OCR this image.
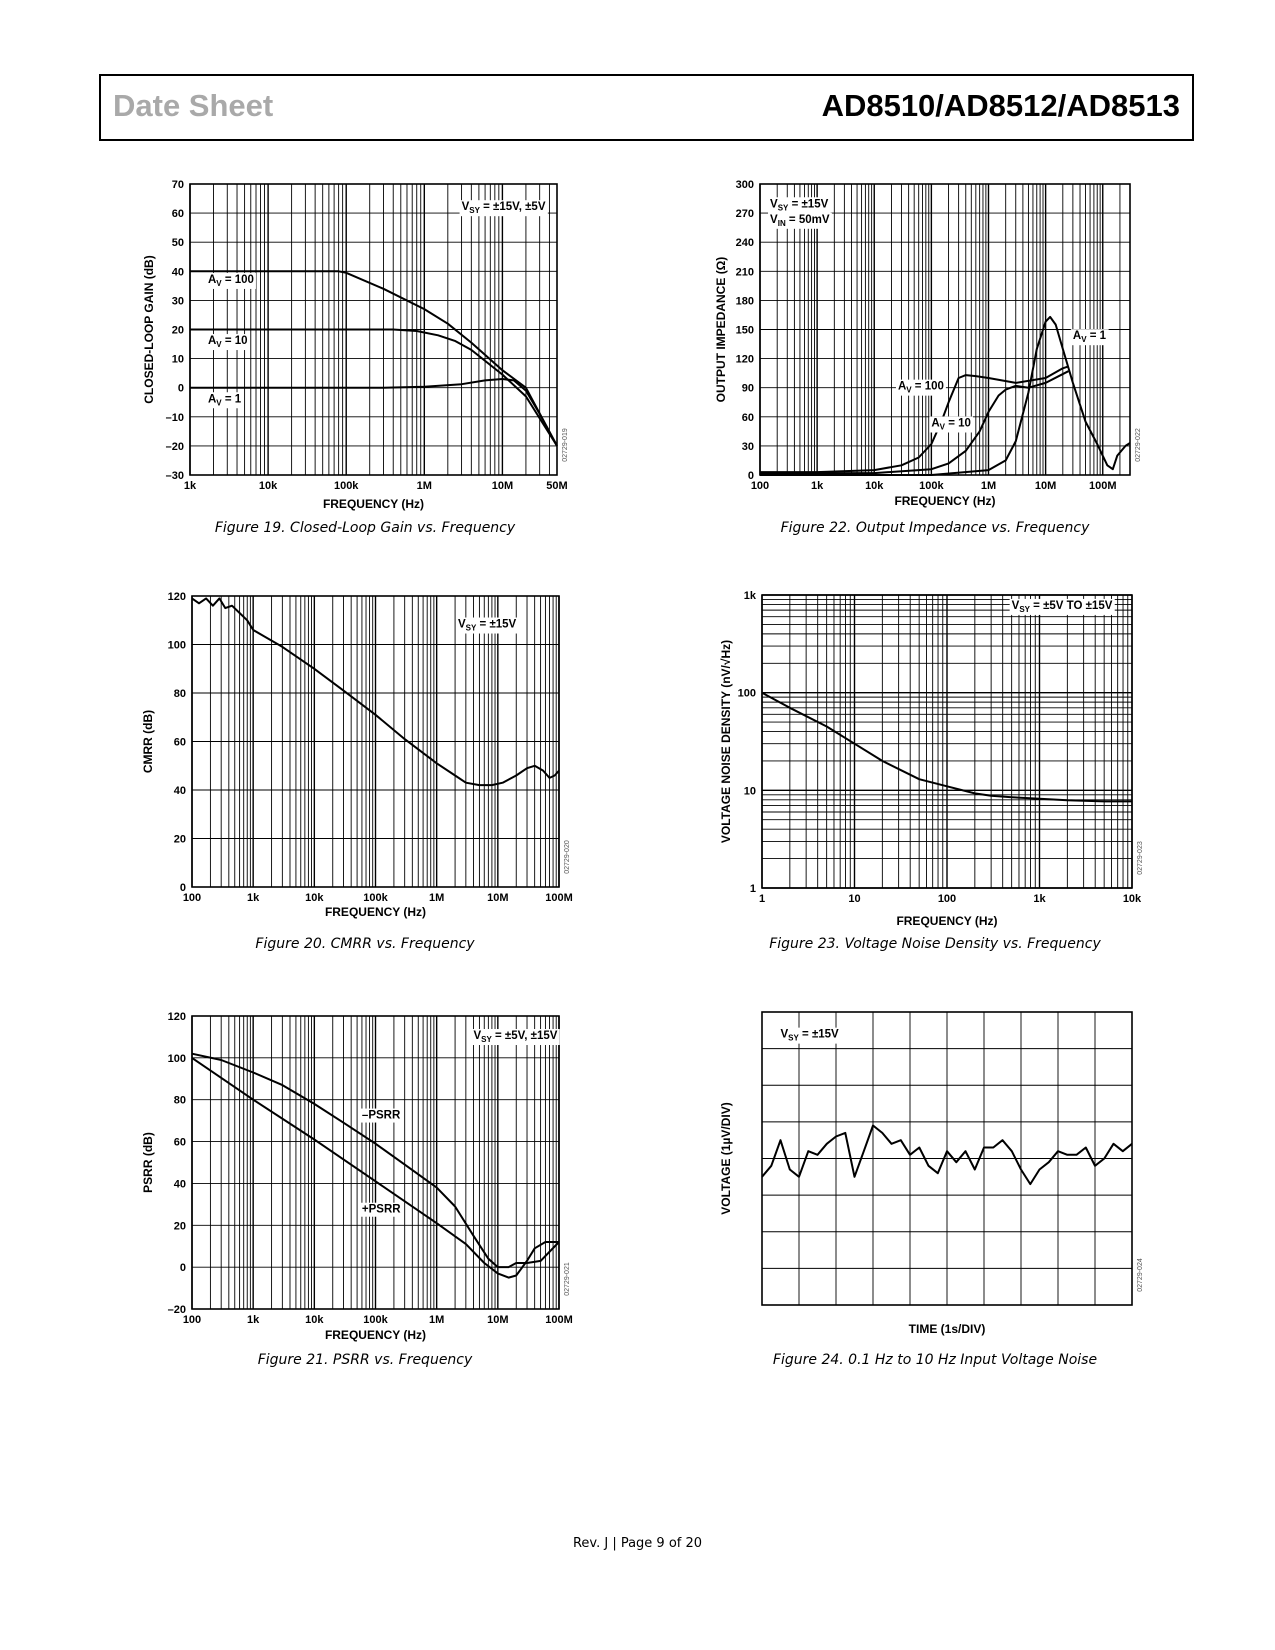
Date Sheet	AD8510/AD8512/AD8513
1k	10k	100k	1M	10M	50M
70
60
50
40
30
20
10
0
–10
–20
–30
FREQUENCY (Hz)
CLOSED-LOOP GAIN (dB)
02729-019
$V_{SY} = \pm 15V$, ±5V
$A_V = 100$
$A_V = 10$
$A_V = 1$
100	1k	10k	100k	1M	10M	100M
120
100
80
60
40
20
0
FREQUENCY (Hz)
CMRR (dB)
02729-020
$V_{SY} = \pm 15V$
100	1k	10k	100k	1M	10M	100M
120
100
80
60
40
20
0
–20
FREQUENCY (Hz)
PSRR (dB)
02729-021
–PSRR
+PSRR
$V_{SY} = \pm 5V$, ±15V
100	1k	10k	100k	1M	10M	100M
300
270
240
210
180
150
120
90
60
30
0
FREQUENCY (Hz)
OUTPUT IMPEDANCE (Ω)
02729-022
$V_{SY} = \pm 15V$
$V_{IN} = 50mV$
$A_V = 100$
$A_V = 10$
$A_V = 1$
1	10	100	1k	10k
1k
100
10
1
FREQUENCY (Hz)
VOLTAGE NOISE DENSITY (nV/√Hz)
02729-023
$V_{SY} = \pm 5V$ TO ±15V
TIME (1s/DIV)
VOLTAGE (1µV/DIV)
02729-024
$V_{SY} = \pm 15V$
Figure 19. Closed-Loop Gain vs. Frequency
Figure 20. CMRR vs. Frequency
Figure 21. PSRR vs. Frequency
Figure 22. Output Impedance vs. Frequency
Figure 23. Voltage Noise Density vs. Frequency
Figure 24. 0.1 Hz to 10 Hz Input Voltage Noise
Rev. J | Page 9 of 20
